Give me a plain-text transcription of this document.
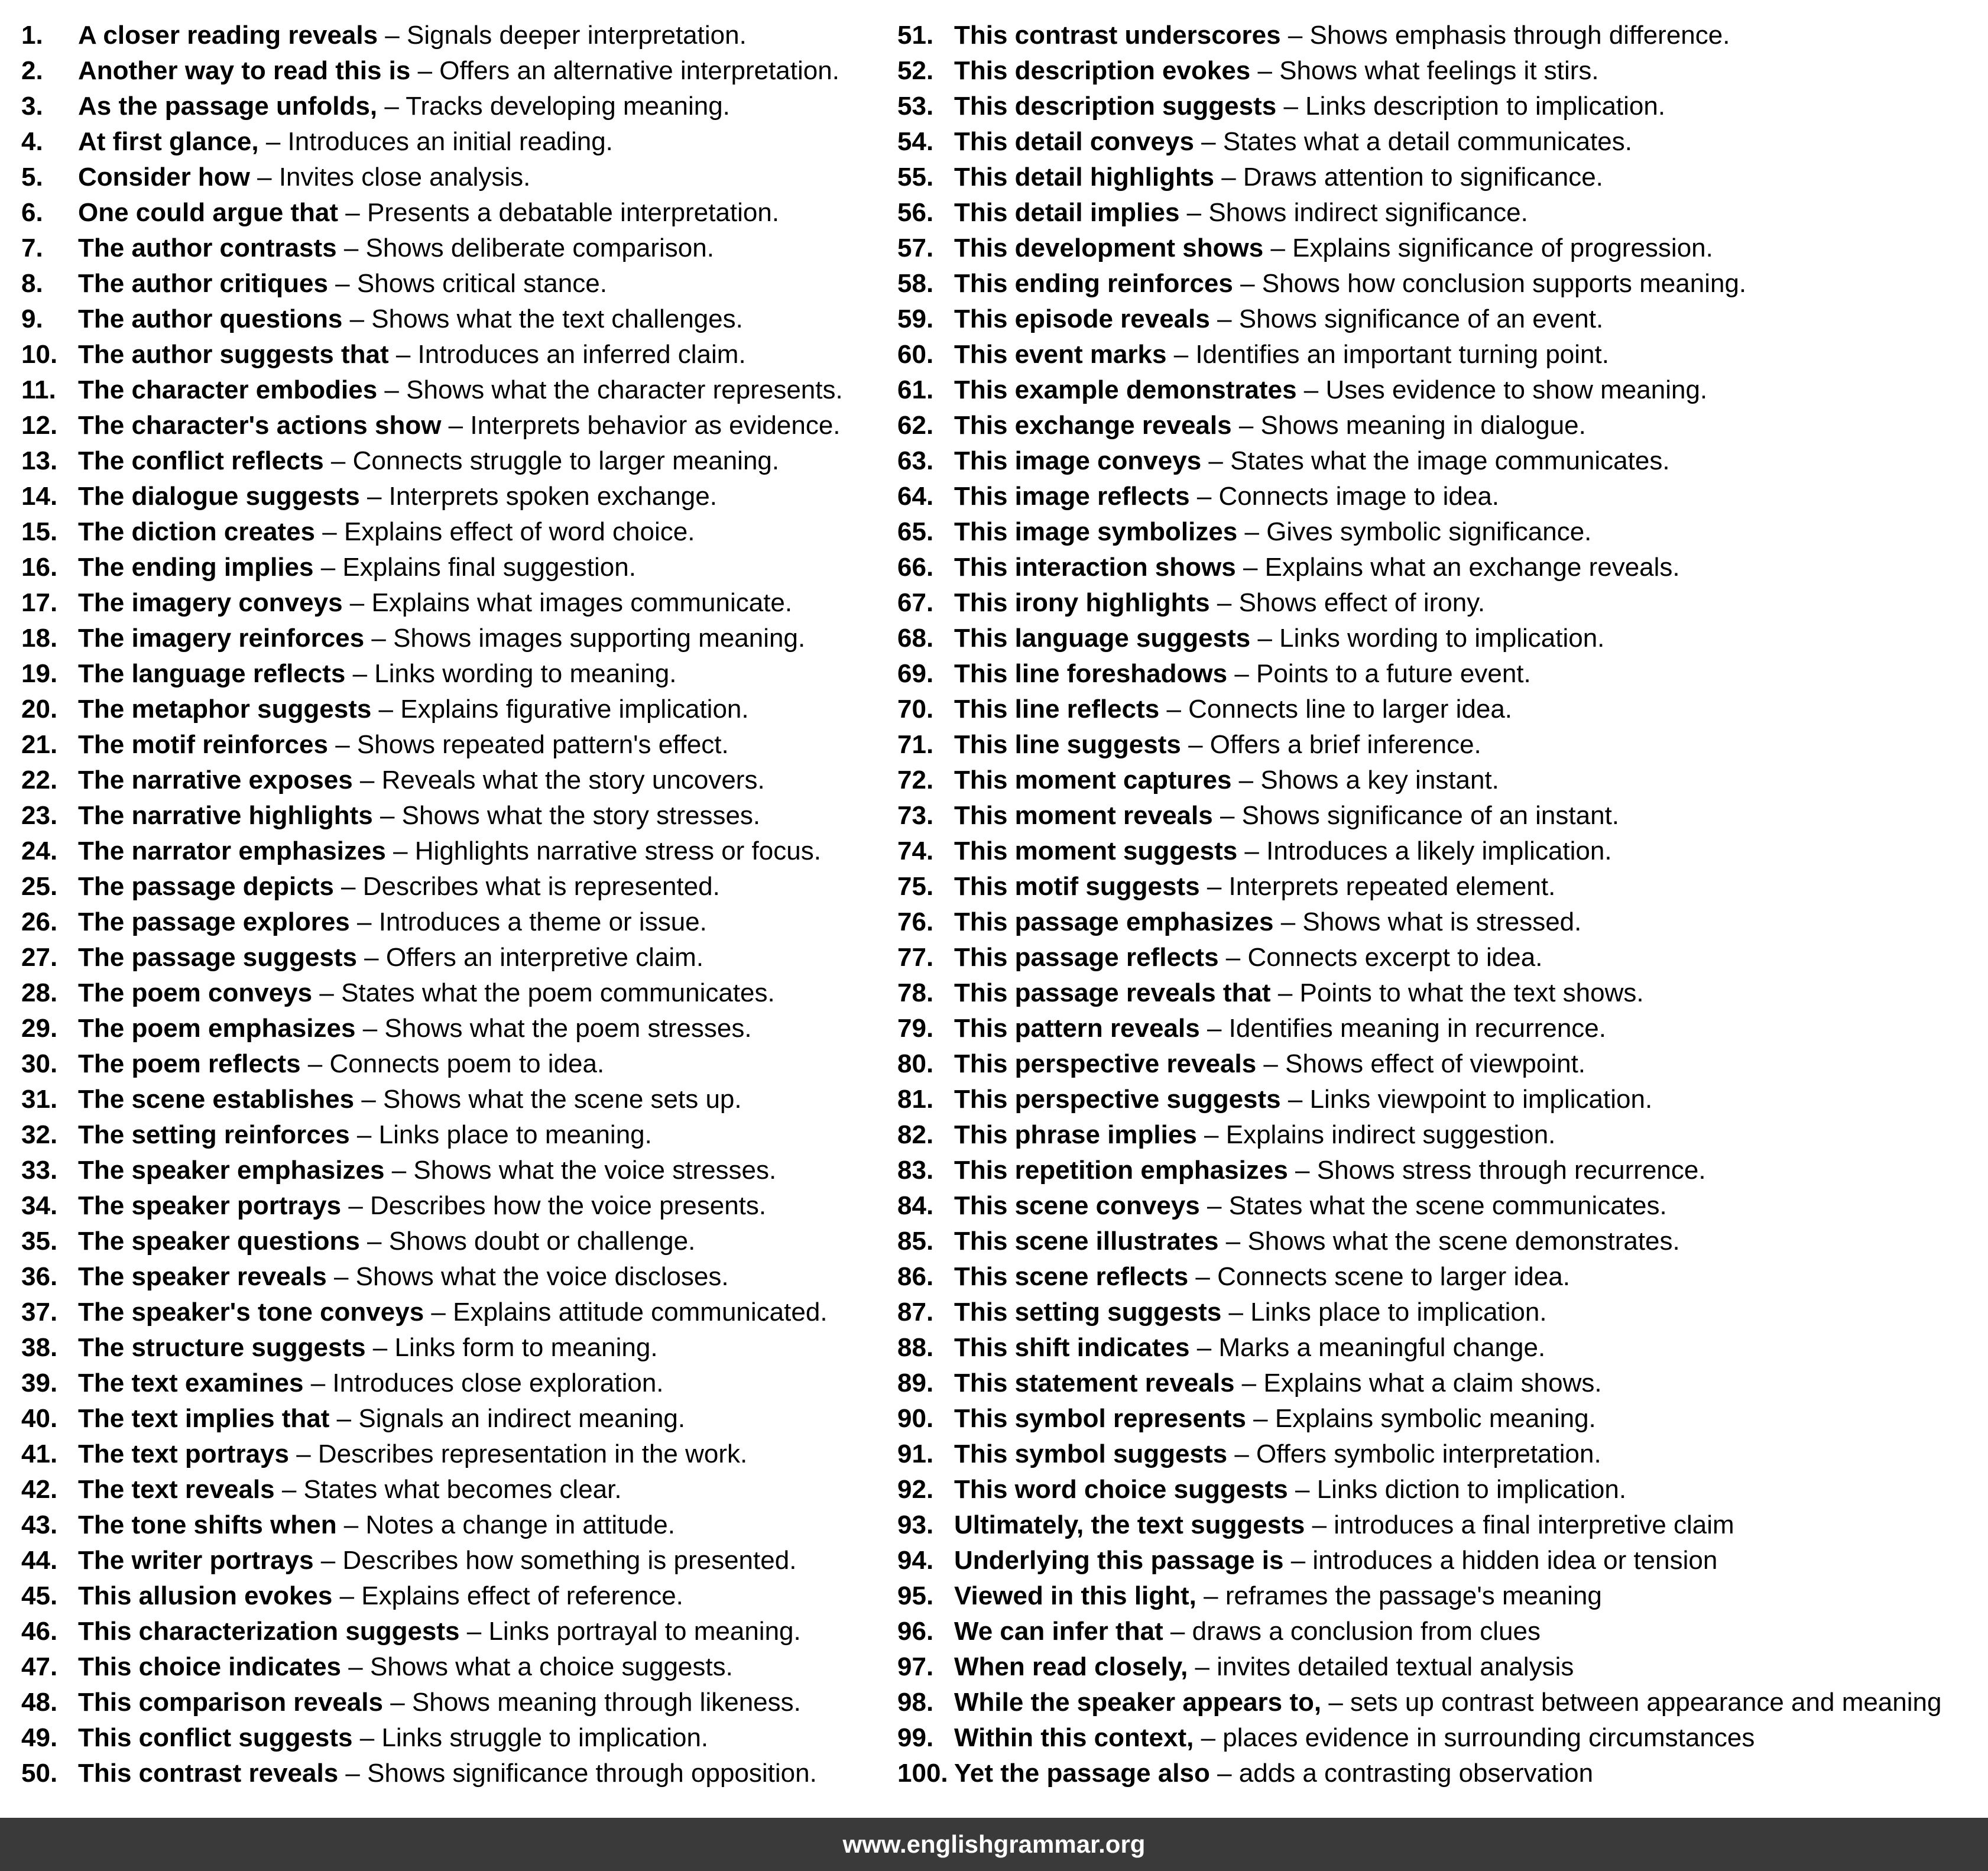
1.	A closer reading reveals – Signals deeper interpretation.
2.	Another way to read this is – Offers an alternative interpretation.
3.	As the passage unfolds, – Tracks developing meaning.
4.	At first glance, – Introduces an initial reading.
5.	Consider how – Invites close analysis.
6.	One could argue that – Presents a debatable interpretation.
7.	The author contrasts – Shows deliberate comparison.
8.	The author critiques – Shows critical stance.
9.	The author questions – Shows what the text challenges.
10. The author suggests that – Introduces an inferred claim.
11. The character embodies – Shows what the character represents.
12. The character's actions show – Interprets behavior as evidence.
13. The conflict reflects – Connects struggle to larger meaning.
14. The dialogue suggests – Interprets spoken exchange.
15. The diction creates – Explains effect of word choice.
16. The ending implies – Explains final suggestion.
17. The imagery conveys – Explains what images communicate.
18. The imagery reinforces – Shows images supporting meaning.
19. The language reflects – Links wording to meaning.
20. The metaphor suggests – Explains figurative implication.
21. The motif reinforces – Shows repeated pattern's effect.
22. The narrative exposes – Reveals what the story uncovers.
23. The narrative highlights – Shows what the story stresses.
24. The narrator emphasizes – Highlights narrative stress or focus.
25. The passage depicts – Describes what is represented.
26. The passage explores – Introduces a theme or issue.
27. The passage suggests – Offers an interpretive claim.
28. The poem conveys – States what the poem communicates.
29. The poem emphasizes – Shows what the poem stresses.
30. The poem reflects – Connects poem to idea.
31. The scene establishes – Shows what the scene sets up.
32. The setting reinforces – Links place to meaning.
33. The speaker emphasizes – Shows what the voice stresses.
34. The speaker portrays – Describes how the voice presents.
35. The speaker questions – Shows doubt or challenge.
36. The speaker reveals – Shows what the voice discloses.
37. The speaker's tone conveys – Explains attitude communicated.
38. The structure suggests – Links form to meaning.
39. The text examines – Introduces close exploration.
40. The text implies that – Signals an indirect meaning.
41. The text portrays – Describes representation in the work.
42. The text reveals – States what becomes clear.
43. The tone shifts when – Notes a change in attitude.
44. The writer portrays – Describes how something is presented.
45. This allusion evokes – Explains effect of reference.
46. This characterization suggests – Links portrayal to meaning.
47. This choice indicates – Shows what a choice suggests.
48. This comparison reveals – Shows meaning through likeness.
49. This conflict suggests – Links struggle to implication.
50. This contrast reveals – Shows significance through opposition.
51. This contrast underscores – Shows emphasis through difference.
52. This description evokes – Shows what feelings it stirs.
53. This description suggests – Links description to implication.
54. This detail conveys – States what a detail communicates.
55. This detail highlights – Draws attention to significance.
56. This detail implies – Shows indirect significance.
57. This development shows – Explains significance of progression.
58. This ending reinforces – Shows how conclusion supports meaning.
59. This episode reveals – Shows significance of an event.
60. This event marks – Identifies an important turning point.
61. This example demonstrates – Uses evidence to show meaning.
62. This exchange reveals – Shows meaning in dialogue.
63. This image conveys – States what the image communicates.
64. This image reflects – Connects image to idea.
65. This image symbolizes – Gives symbolic significance.
66. This interaction shows – Explains what an exchange reveals.
67. This irony highlights – Shows effect of irony.
68. This language suggests – Links wording to implication.
69. This line foreshadows – Points to a future event.
70. This line reflects – Connects line to larger idea.
71. This line suggests – Offers a brief inference.
72. This moment captures – Shows a key instant.
73. This moment reveals – Shows significance of an instant.
74. This moment suggests – Introduces a likely implication.
75. This motif suggests – Interprets repeated element.
76. This passage emphasizes – Shows what is stressed.
77. This passage reflects – Connects excerpt to idea.
78. This passage reveals that – Points to what the text shows.
79. This pattern reveals – Identifies meaning in recurrence.
80. This perspective reveals – Shows effect of viewpoint.
81. This perspective suggests – Links viewpoint to implication.
82. This phrase implies – Explains indirect suggestion.
83. This repetition emphasizes – Shows stress through recurrence.
84. This scene conveys – States what the scene communicates.
85. This scene illustrates – Shows what the scene demonstrates.
86. This scene reflects – Connects scene to larger idea.
87. This setting suggests – Links place to implication.
88. This shift indicates – Marks a meaningful change.
89. This statement reveals – Explains what a claim shows.
90. This symbol represents – Explains symbolic meaning.
91. This symbol suggests – Offers symbolic interpretation.
92. This word choice suggests – Links diction to implication.
93. Ultimately, the text suggests – introduces a final interpretive claim
94. Underlying this passage is – introduces a hidden idea or tension
95. Viewed in this light, – reframes the passage's meaning
96. We can infer that – draws a conclusion from clues
97. When read closely, – invites detailed textual analysis
98. While the speaker appears to, – sets up contrast between appearance and meaning
99. Within this context, – places evidence in surrounding circumstances
100. Yet the passage also – adds a contrasting observation
www.englishgrammar.org
